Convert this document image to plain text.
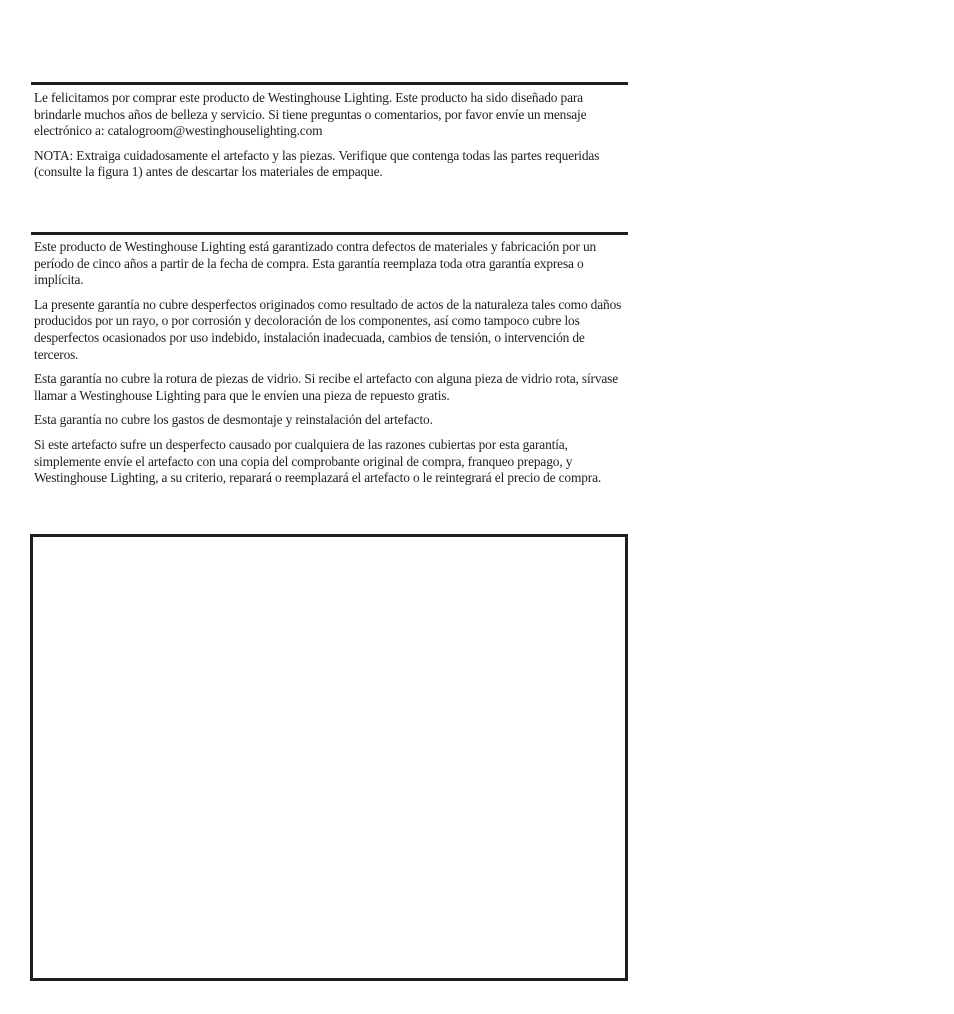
Le felicitamos por comprar este producto de Westinghouse Lighting. Este producto ha sido diseñado para brindarle muchos años de belleza y servicio. Si tiene preguntas o comentarios, por favor envíe un mensaje electrónico a: catalogroom@westinghouselighting.com

NOTA: Extraiga cuidadosamente el artefacto y las piezas. Verifique que contenga todas las partes requeridas (consulte la figura 1) antes de descartar los materiales de empaque.

Este producto de Westinghouse Lighting está garantizado contra defectos de materiales y fabricación por un período de cinco años a partir de la fecha de compra. Esta garantía reemplaza toda otra garantía expresa o implícita.

La presente garantía no cubre desperfectos originados como resultado de actos de la naturaleza tales como daños producidos por un rayo, o por corrosión y decoloración de los componentes, así como tampoco cubre los desperfectos ocasionados por uso indebido, instalación inadecuada, cambios de tensión, o intervención de terceros.

Esta garantía no cubre la rotura de piezas de vidrio. Si recibe el artefacto con alguna pieza de vidrio rota, sírvase llamar a Westinghouse Lighting para que le envíen una pieza de repuesto gratis.

Esta garantía no cubre los gastos de desmontaje y reinstalación del artefacto.

Si este artefacto sufre un desperfecto causado por cualquiera de las razones cubiertas por esta garantía, simplemente envíe el artefacto con una copia del comprobante original de compra, franqueo prepago, y Westinghouse Lighting, a su criterio, reparará o reemplazará el artefacto o le reintegrará el precio de compra.
